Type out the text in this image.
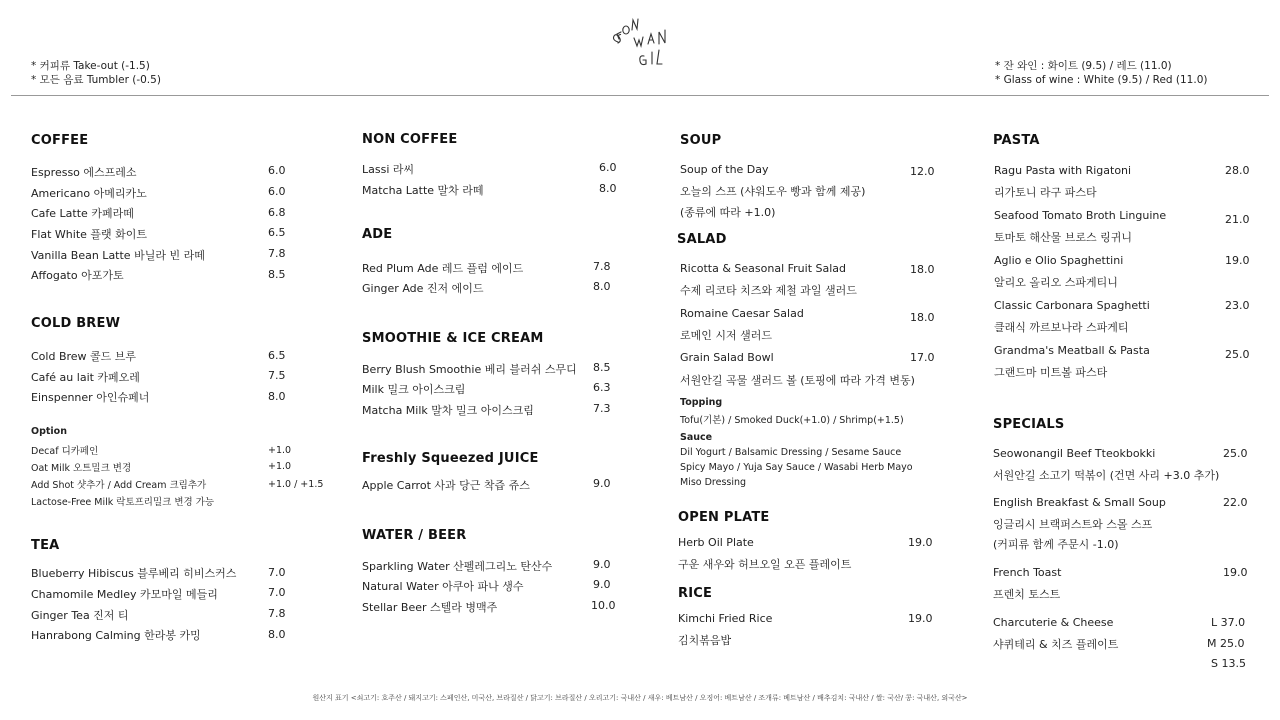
* 커피류 Take-out (-1.5)
* 모든 음료 Tumbler (-0.5)
* 잔 와인 : 화이트 (9.5) / 레드 (11.0)
* Glass of wine : White (9.5) / Red (11.0)
COFFEE
Espresso 에스프레소	6.0
Americano 아메리카노	6.0
Cafe Latte 카페라떼	6.8
Flat White 플랫 화이트	6.5
Vanilla Bean Latte 바닐라 빈 라떼	7.8
Affogato 아포가토	8.5
COLD BREW
Cold Brew 콜드 브루	6.5
Café au lait 카페오레	7.5
Einspenner 아인슈페너	8.0
Option
Decaf 디카페인	+1.0
Oat Milk 오트밀크 변경	+1.0
Add Shot 샷추가 / Add Cream 크림추가	+1.0 / +1.5
Lactose-Free Milk 락토프리밀크 변경 가능
TEA
Blueberry Hibiscus 블루베리 히비스커스	7.0
Chamomile Medley 카모마일 메들리	7.0
Ginger Tea 진저 티	7.8
Hanrabong Calming 한라봉 카밍	8.0
NON COFFEE
Lassi 라씨	6.0
Matcha Latte 말차 라떼	8.0
ADE
Red Plum Ade 레드 플럼 에이드	7.8
Ginger Ade 진저 에이드	8.0
SMOOTHIE & ICE CREAM
Berry Blush Smoothie 베리 블러쉬 스무디 8.5
Milk 밀크 아이스크림	6.3
Matcha Milk 말차 밀크 아이스크림	7.3
Freshly Squeezed JUICE
Apple Carrot 사과 당근 착즙 쥬스	9.0
WATER / BEER
Sparkling Water 산펠레그리노 탄산수	9.0
Natural Water 아쿠아 파나 생수	9.0
Stellar Beer 스텔라 병맥주	10.0
SOUP
Soup of the Day	12.0
오늘의 스프 (샤워도우 빵과 함께 제공)
(종류에 따라 +1.0)
SALAD
Ricotta & Seasonal Fruit Salad	18.0
수제 리코타 치즈와 제철 과일 샐러드
Romaine Caesar Salad	18.0
로메인 시저 샐러드
Grain Salad Bowl	17.0
서원안길 곡물 샐러드 볼 (토핑에 따라 가격 변동)
Topping
Tofu(기본) / Smoked Duck(+1.0) / Shrimp(+1.5)
Sauce
Dil Yogurt / Balsamic Dressing / Sesame Sauce
Spicy Mayo / Yuja Say Sauce / Wasabi Herb Mayo
Miso Dressing
OPEN PLATE
Herb Oil Plate	19.0
구운 새우와 허브오일 오픈 플레이트
RICE
Kimchi Fried Rice	19.0
김치볶음밥
PASTA
Ragu Pasta with Rigatoni	28.0
리가토니 라구 파스타
Seafood Tomato Broth Linguine	21.0
토마토 해산물 브로스 링귀니
Aglio e Olio Spaghettini	19.0
알리오 올리오 스파게티니
Classic Carbonara Spaghetti	23.0
클래식 까르보나라 스파게티
Grandma's Meatball & Pasta	25.0
그랜드마 미트볼 파스타
SPECIALS
Seowonangil Beef Tteokbokki	25.0
서원안길 소고기 떡볶이 (건면 사리 +3.0 추가)
English Breakfast & Small Soup	22.0
잉글리시 브랙퍼스트와 스몰 스프
(커피류 함께 주문시 -1.0)
French Toast	19.0
프렌치 토스트
Charcuterie & Cheese	L 37.0
샤퀴테리 & 치즈 플레이트	M 25.0
S 13.5
원산지 표기 <쇠고기: 호주산 / 돼지고기: 스페인산, 미국산, 브라질산 / 닭고기: 브라질산 / 오리고기: 국내산 / 새우: 베트남산 / 오징어: 베트남산 / 조개류: 베트남산 / 배추김치: 국내산 / 쌀: 국산/ 콩: 국내산, 외국산>
